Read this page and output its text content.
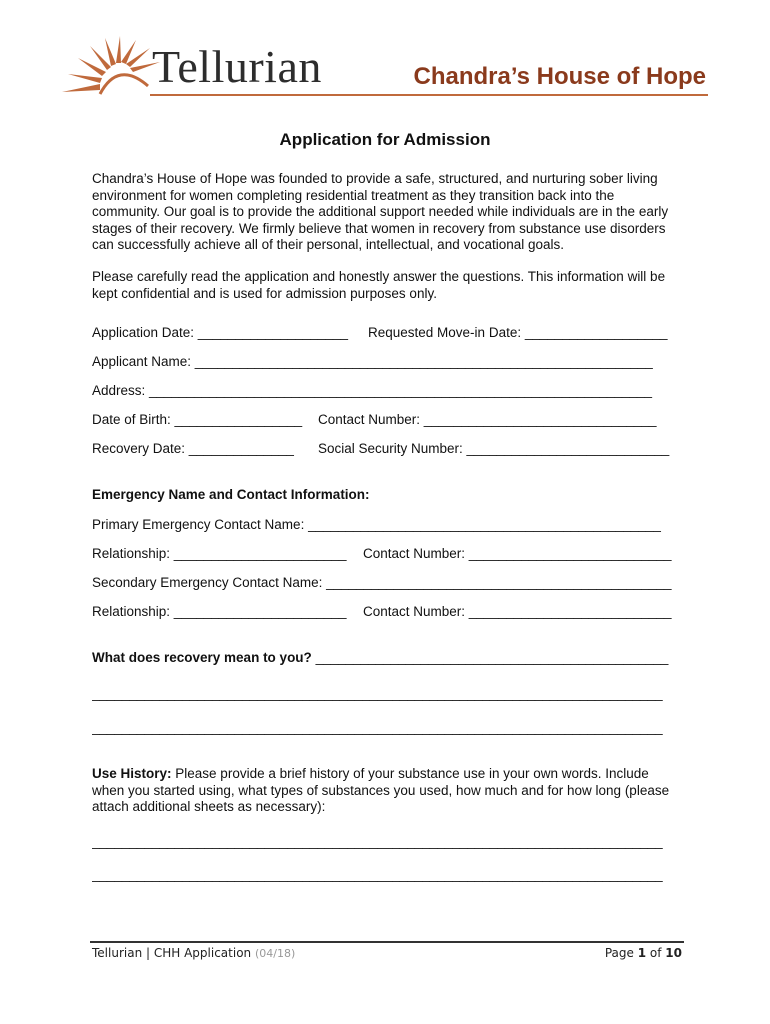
Tellurian	Chandra’s House of Hope
Application for Admission
Chandra’s House of Hope was founded to provide a safe, structured, and nurturing sober living environment for women completing residential treatment as they transition back into the community. Our goal is to provide the additional support needed while individuals are in the early stages of their recovery. We firmly believe that women in recovery from substance use disorders can successfully achieve all of their personal, intellectual, and vocational goals.
Please carefully read the application and honestly answer the questions. This information will be kept confidential and is used for admission purposes only.
Application Date: ____________________ Requested Move-in Date: ___________________
Applicant Name: _____________________________________________________________
Address: ___________________________________________________________________
Date of Birth: _________________ Contact Number: _______________________________
Recovery Date: ______________ Social Security Number: ___________________________
Emergency Name and Contact Information:
Primary Emergency Contact Name: _______________________________________________
Relationship: _______________________ Contact Number: ___________________________
Secondary Emergency Contact Name: ______________________________________________
Relationship: _______________________ Contact Number: ___________________________
What does recovery mean to you? _______________________________________________
____________________________________________________________________________
____________________________________________________________________________
Use History: Please provide a brief history of your substance use in your own words. Include when you started using, what types of substances you used, how much and for how long (please attach additional sheets as necessary):
____________________________________________________________________________
____________________________________________________________________________
Tellurian | CHH Application (04/18)	Page 1 of 10
